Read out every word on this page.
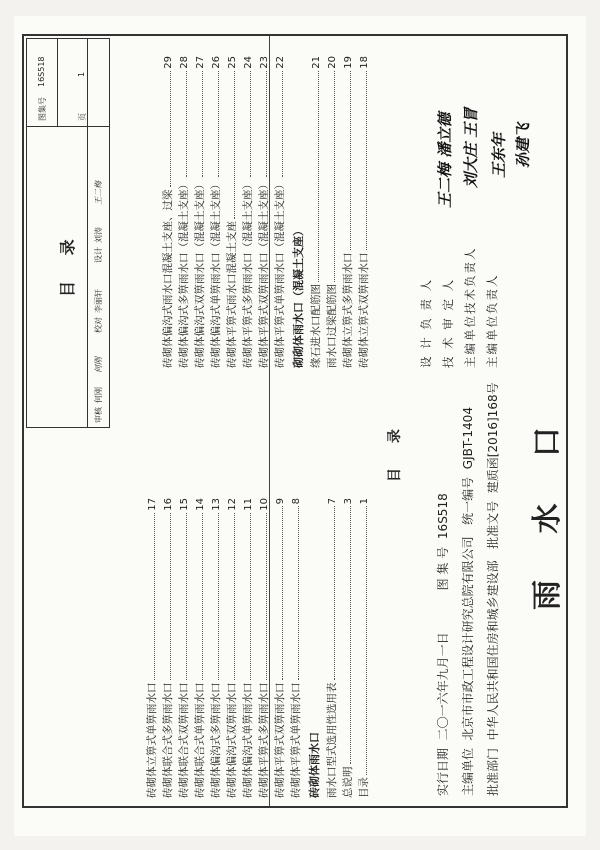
雨 水 口
批准部门  中华人民共和国住房和城乡建设部   批准文号  建质函[2016]168号
主编单位  北京市市政工程设计研究总院有限公司   统一编号  GJBT-1404
实行日期  二〇一六年九月一日           图 集 号  16S518
目 录
目录
1
总说明
3
雨水口型式选用性选用表
7
砖砌体雨水口
砖砌体平箅式单箅雨水口
8
砖砌体平箅式双箅雨水口
9
砖砌体平箅式多箅雨水口
10
砖砌体偏沟式单箅雨水口
11
砖砌体偏沟式双箅雨水口
12
砖砌体偏沟式多箅雨水口
13
砖砌体联合式单箅雨水口
14
砖砌体联合式双箅雨水口
15
砖砌体联合式多箅雨水口
16
砖砌体立箅式单箅雨水口
17
砖砌体立箅式双箅雨水口
18
砖砌体立箅式多箅雨水口
19
雨水口过梁配筋图
20
缘石进水口配筋图
21
砌砌体雨水口（混凝土支座）
砖砌体平箅式单箅雨水口（混凝土支座）
22
砖砌体平箅式双箅雨水口（混凝土支座）
23
砖砌体平箅式多箅雨水口（混凝土支座）
24
砖砌体平箅式雨水口混凝土支座
25
砖砌体偏沟式单箅雨水口（混凝土支座）
26
砖砌体偏沟式双箅雨水口（混凝土支座）
27
砖砌体偏沟式多箅雨水口（混凝土支座）
28
砖砌体偏沟式雨水口混凝土支座、过梁
29
主编单位负责人
主编单位技术负责人
技 术 审 定 人
设 计 负 责 人
孙建飞
王东年
刘大庄 王冒
王二梅 潘立德
目 录
审核
何刚
何刚
校对
李丽轩
设计
刘涛
王二梅
图集号
16S518
页
1
